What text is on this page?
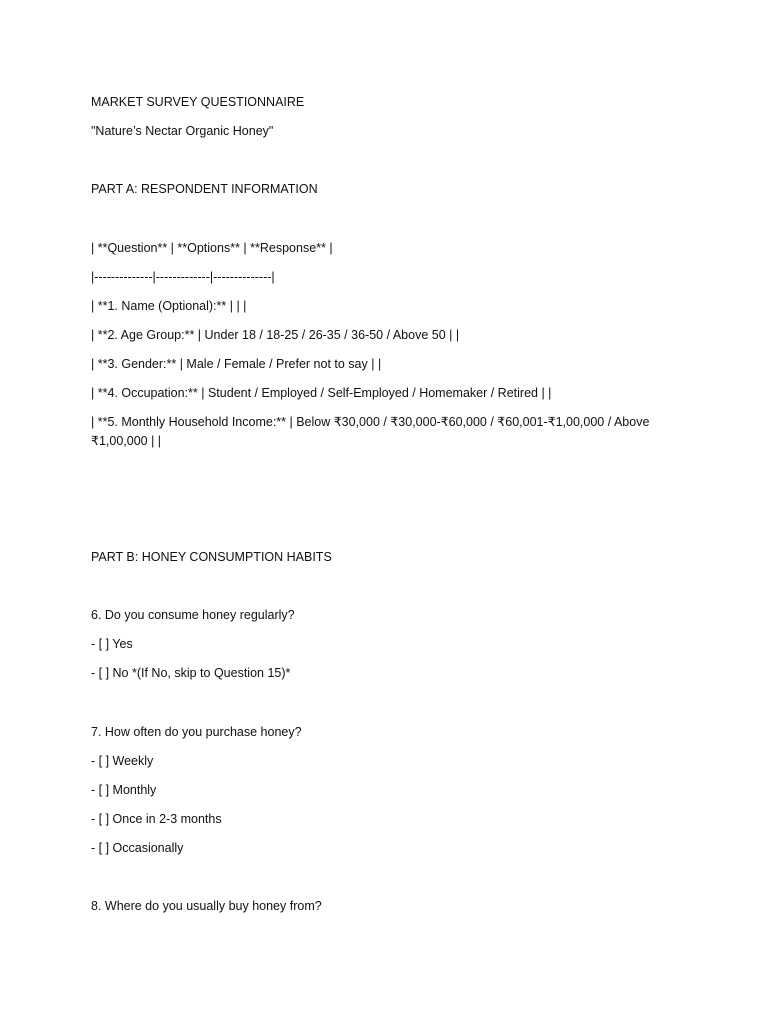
MARKET SURVEY QUESTIONNAIRE
"Nature’s Nectar Organic Honey"
PART A: RESPONDENT INFORMATION
| **Question** | **Options** | **Response** |
|--------------|-------------|--------------|
| **1. Name (Optional):** | | |
| **2. Age Group:** | Under 18 / 18-25 / 26-35 / 36-50 / Above 50 | |
| **3. Gender:** | Male / Female / Prefer not to say | |
| **4. Occupation:** | Student / Employed / Self-Employed / Homemaker / Retired | |
| **5. Monthly Household Income:** | Below ₹30,000 / ₹30,000-₹60,000 / ₹60,001-₹1,00,000 / Above ₹1,00,000 | |
PART B: HONEY CONSUMPTION HABITS
6. Do you consume honey regularly?
- [ ] Yes
- [ ] No *(If No, skip to Question 15)*
7. How often do you purchase honey?
- [ ] Weekly
- [ ] Monthly
- [ ] Once in 2-3 months
- [ ] Occasionally
8. Where do you usually buy honey from?
